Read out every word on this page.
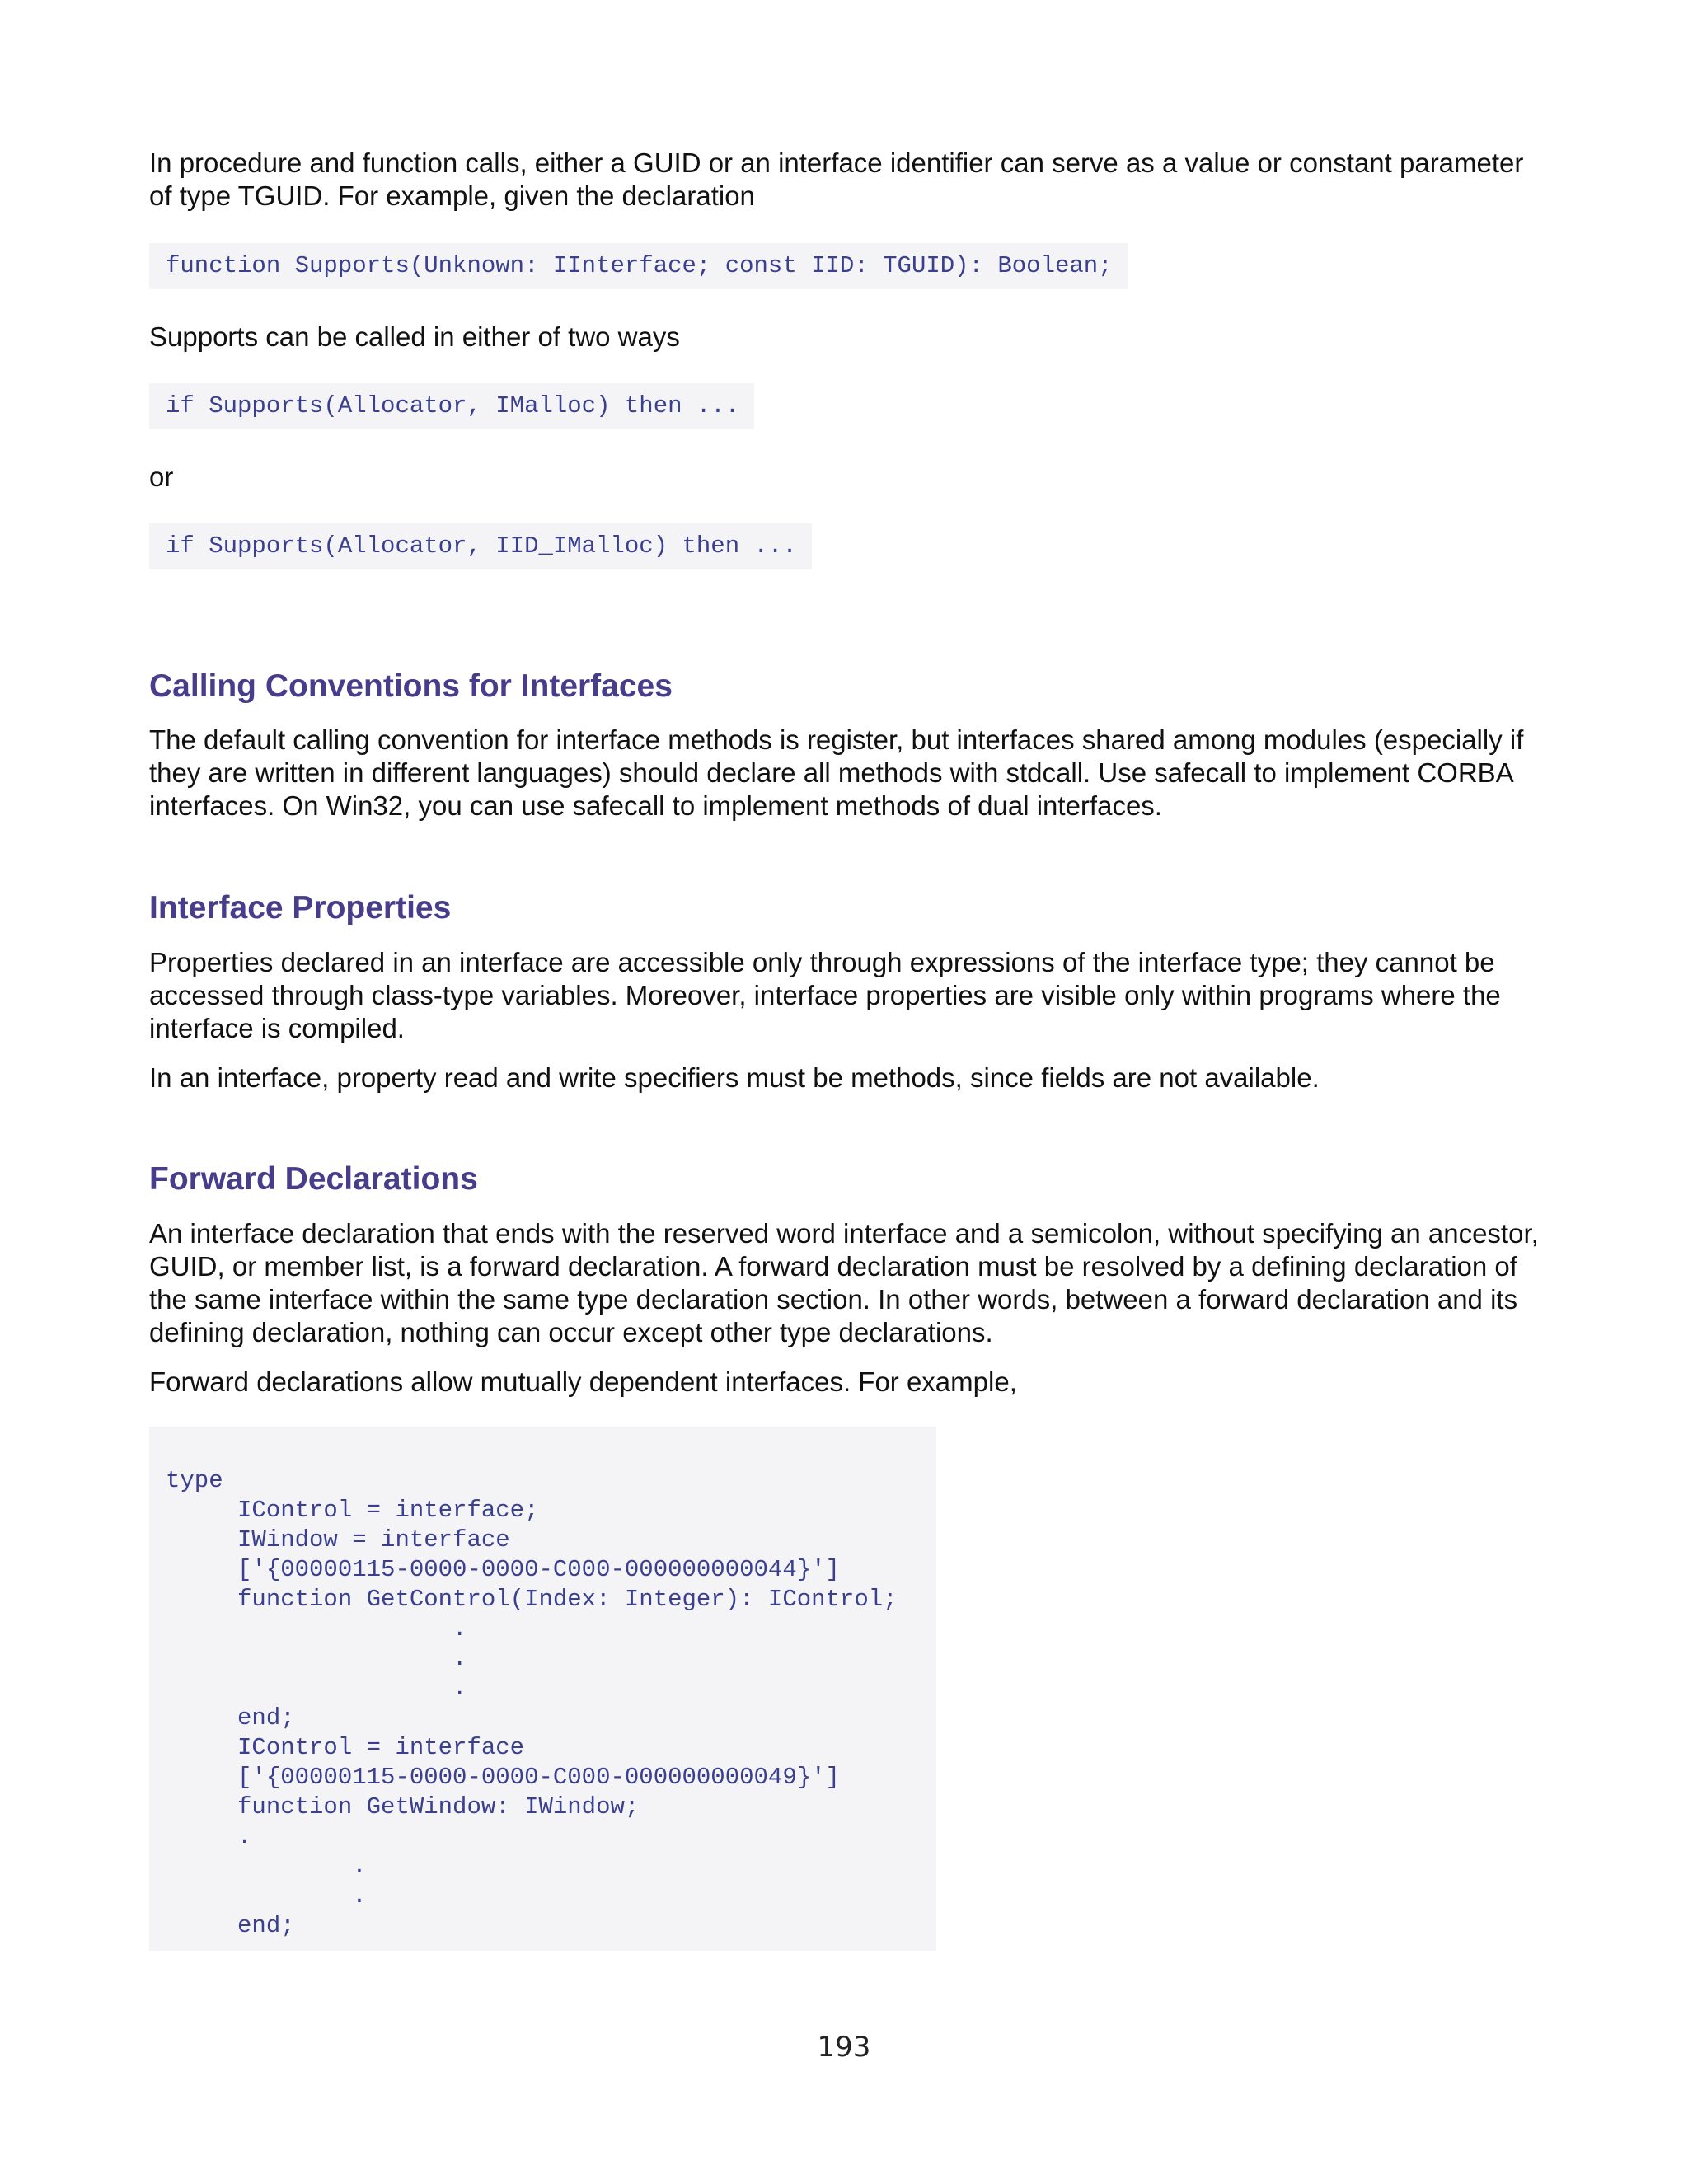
In procedure and function calls, either a GUID or an interface identifier can serve as a value or constant parameter of type TGUID. For example, given the declaration

function Supports(Unknown: IInterface; const IID: TGUID): Boolean;

Supports can be called in either of two ways

if Supports(Allocator, IMalloc) then ...

or

if Supports(Allocator, IID_IMalloc) then ...
Calling Conventions for Interfaces

The default calling convention for interface methods is register, but interfaces shared among modules (especially if they are written in different languages) should declare all methods with stdcall. Use safecall to implement CORBA interfaces. On Win32, you can use safecall to implement methods of dual interfaces.

Interface Properties

Properties declared in an interface are accessible only through expressions of the interface type; they cannot be accessed through class-type variables. Moreover, interface properties are visible only within programs where the interface is compiled.

In an interface, property read and write specifiers must be methods, since fields are not available.

Forward Declarations

An interface declaration that ends with the reserved word interface and a semicolon, without specifying an ancestor, GUID, or member list, is a forward declaration. A forward declaration must be resolved by a defining declaration of the same interface within the same type declaration section. In other words, between a forward declaration and its defining declaration, nothing can occur except other type declarations.

Forward declarations allow mutually dependent interfaces. For example,

type
IControl = interface;
IWindow = interface
['{00000115-0000-0000-C000-000000000044}']
function GetControl(Index: Integer): IControl;
.
.
.
end;
IControl = interface
['{00000115-0000-0000-C000-000000000049}']
function GetWindow: IWindow;
.
.
.
end;
193
